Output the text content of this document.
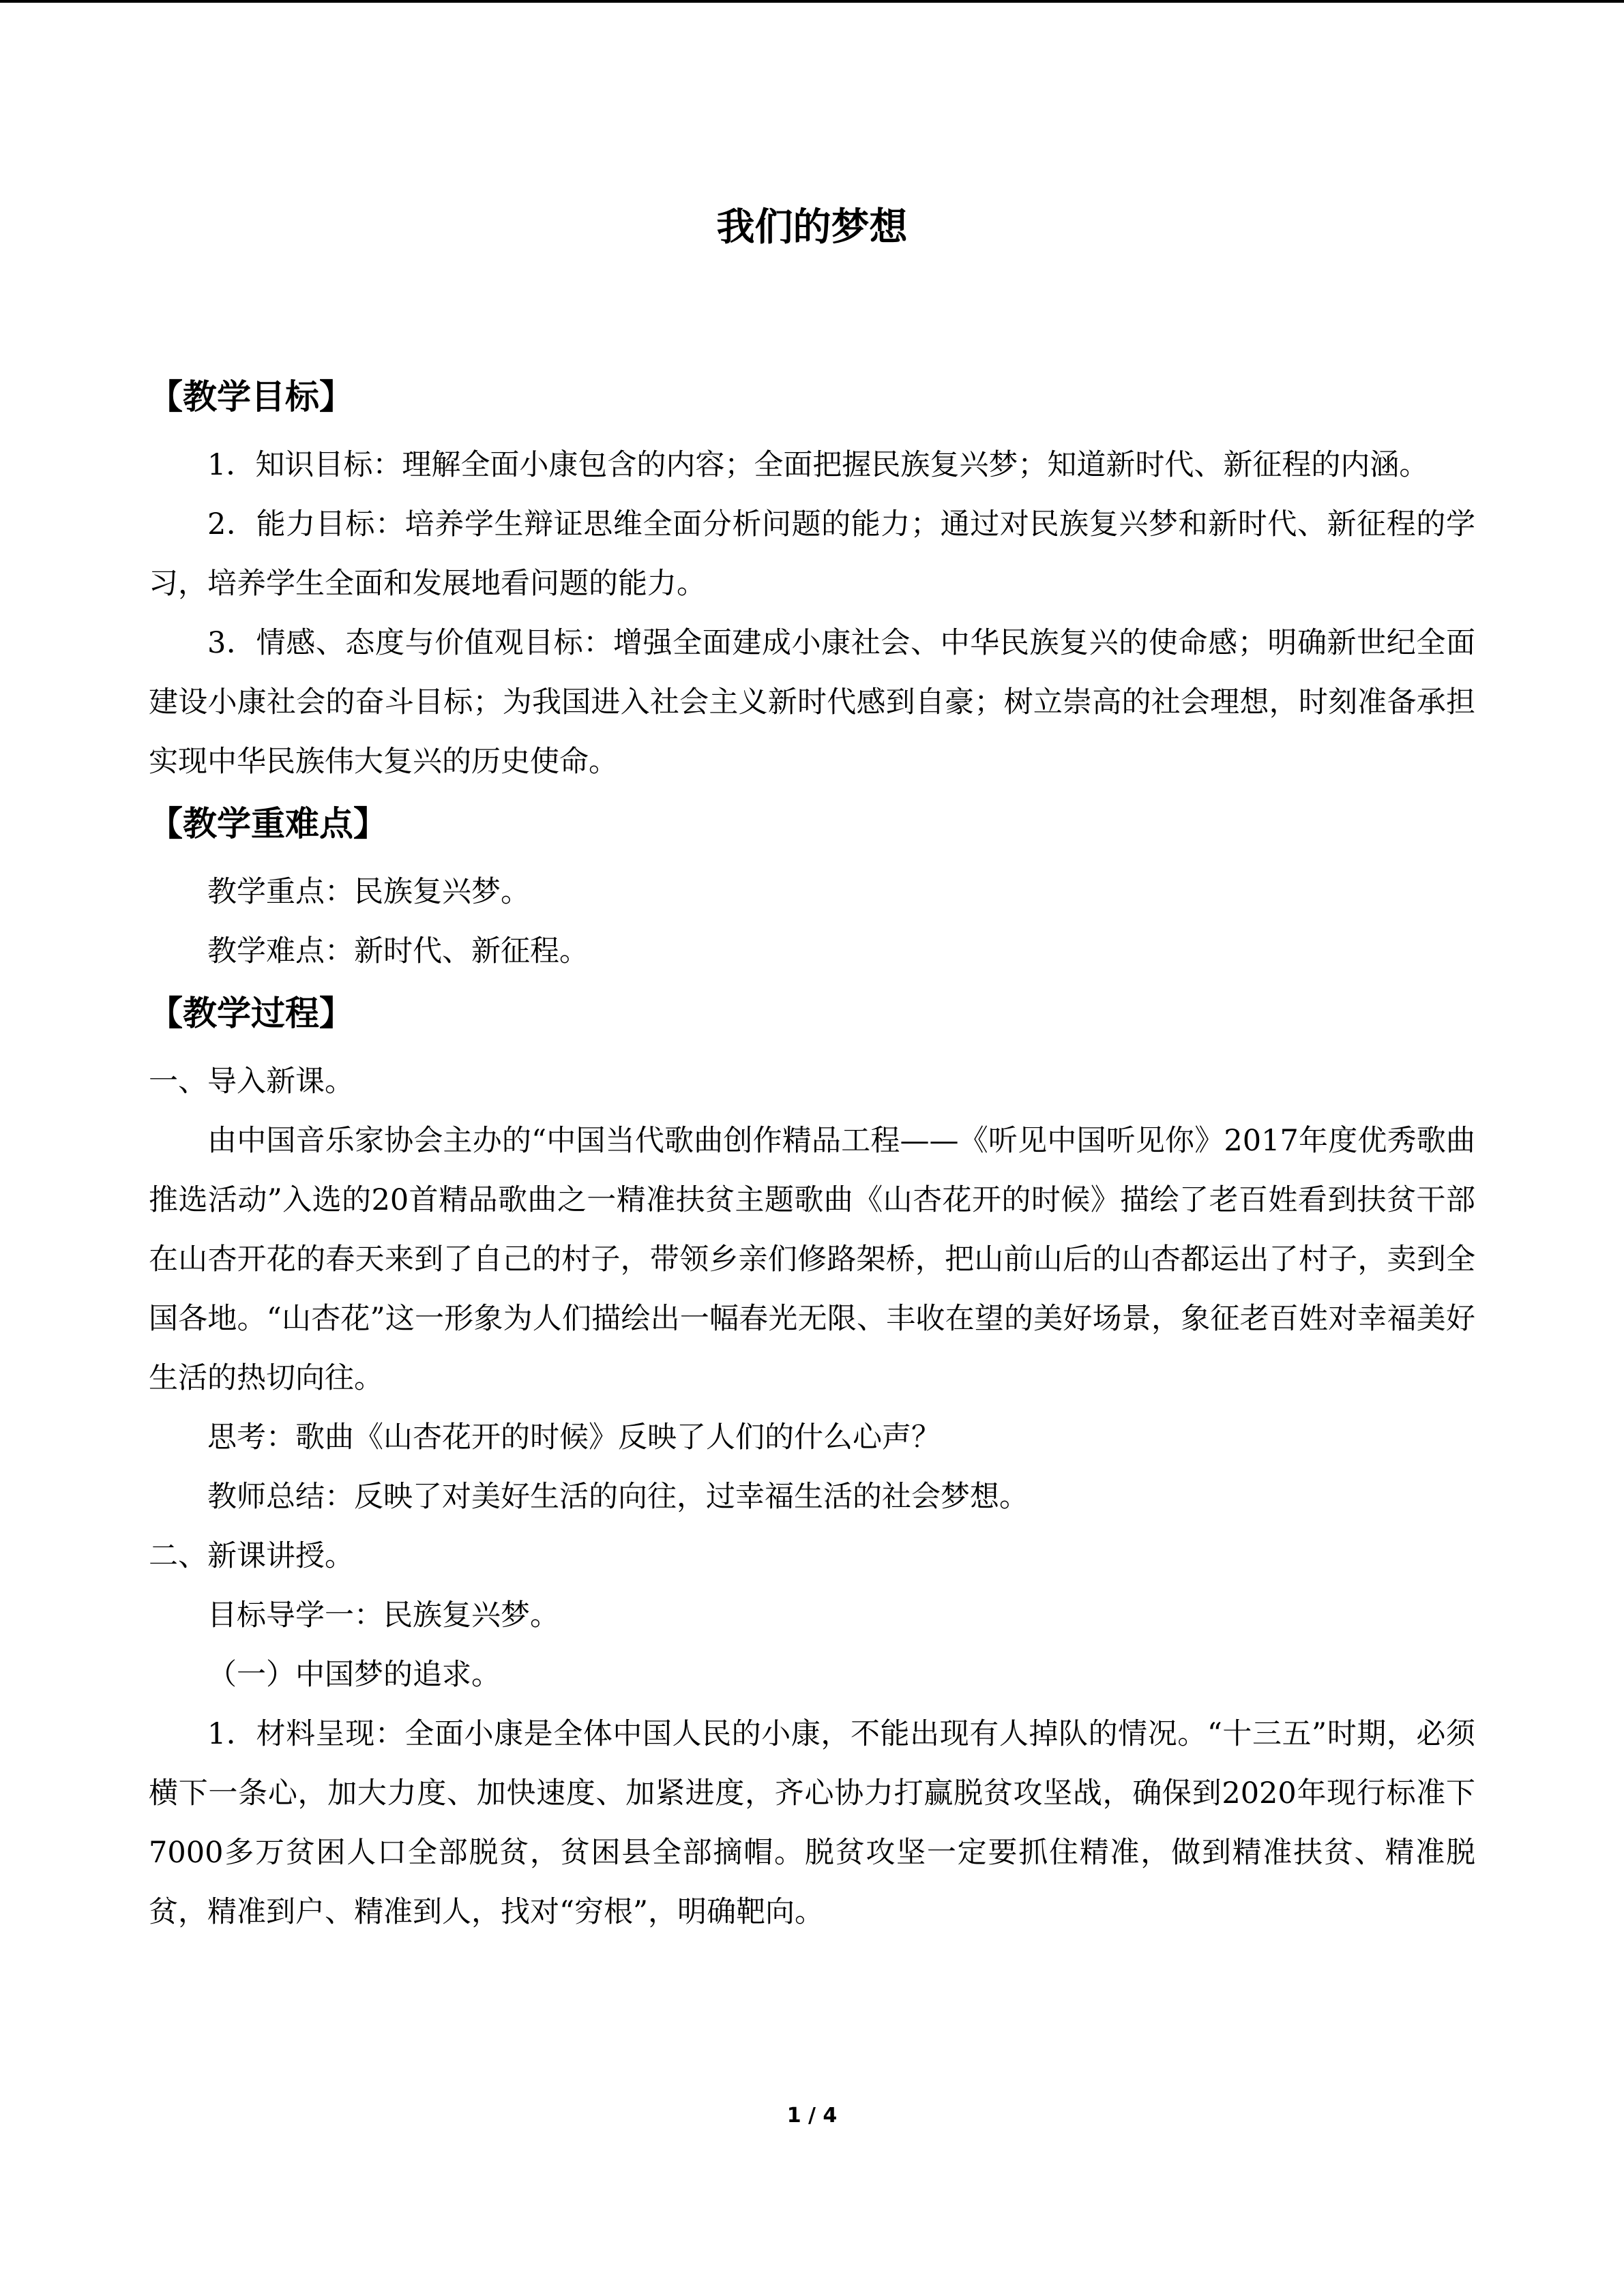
我们的梦想
【教学目标】

1．知识目标：理解全面小康包含的内容；全面把握民族复兴梦；知道新时代、新征程的内涵。

2．能力目标：培养学生辩证思维全面分析问题的能力；通过对民族复兴梦和新时代、新征程的学习，培养学生全面和发展地看问题的能力。

3．情感、态度与价值观目标：增强全面建成小康社会、中华民族复兴的使命感；明确新世纪全面建设小康社会的奋斗目标；为我国进入社会主义新时代感到自豪；树立崇高的社会理想，时刻准备承担实现中华民族伟大复兴的历史使命。

【教学重难点】

教学重点：民族复兴梦。

教学难点：新时代、新征程。

【教学过程】

一、导入新课。

由中国音乐家协会主办的“中国当代歌曲创作精品工程——《听见中国听见你》2017年度优秀歌曲推选活动”入选的20首精品歌曲之一精准扶贫主题歌曲《山杏花开的时候》描绘了老百姓看到扶贫干部在山杏开花的春天来到了自己的村子，带领乡亲们修路架桥，把山前山后的山杏都运出了村子，卖到全国各地。“山杏花”这一形象为人们描绘出一幅春光无限、丰收在望的美好场景，象征老百姓对幸福美好生活的热切向往。

思考：歌曲《山杏花开的时候》反映了人们的什么心声？

教师总结：反映了对美好生活的向往，过幸福生活的社会梦想。

二、新课讲授。

目标导学一：民族复兴梦。

（一）中国梦的追求。

1．材料呈现：全面小康是全体中国人民的小康，不能出现有人掉队的情况。“十三五”时期，必须横下一条心，加大力度、加快速度、加紧进度，齐心协力打赢脱贫攻坚战，确保到2020年现行标准下7000多万贫困人口全部脱贫，贫困县全部摘帽。脱贫攻坚一定要抓住精准，做到精准扶贫、精准脱贫，精准到户、精准到人，找对“穷根”，明确靶向。

1 / 4
